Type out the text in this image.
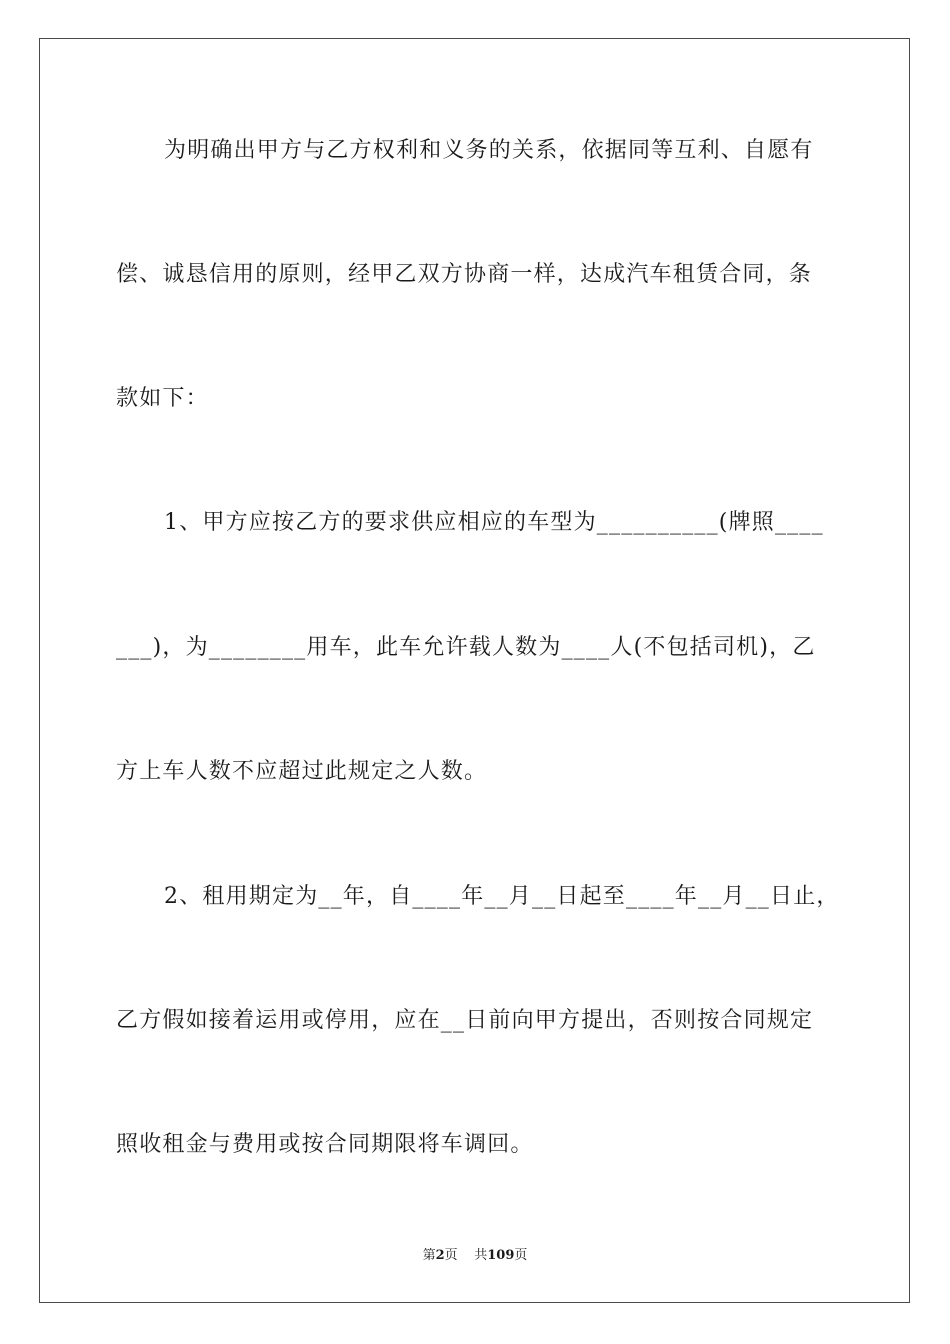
为明确出甲方与乙方权利和义务的关系，依据同等互利、自愿有

偿、诚恳信用的原则，经甲乙双方协商一样，达成汽车租赁合同，条

款如下：

1、甲方应按乙方的要求供应相应的车型为__________(牌照____

___)，为________用车，此车允许载人数为____人(不包括司机)，乙

方上车人数不应超过此规定之人数。

2、租用期定为__年，自____年__月__日起至____年__月__日止，

乙方假如接着运用或停用，应在__日前向甲方提出，否则按合同规定

照收租金与费用或按合同期限将车调回。

第2页 共109页
